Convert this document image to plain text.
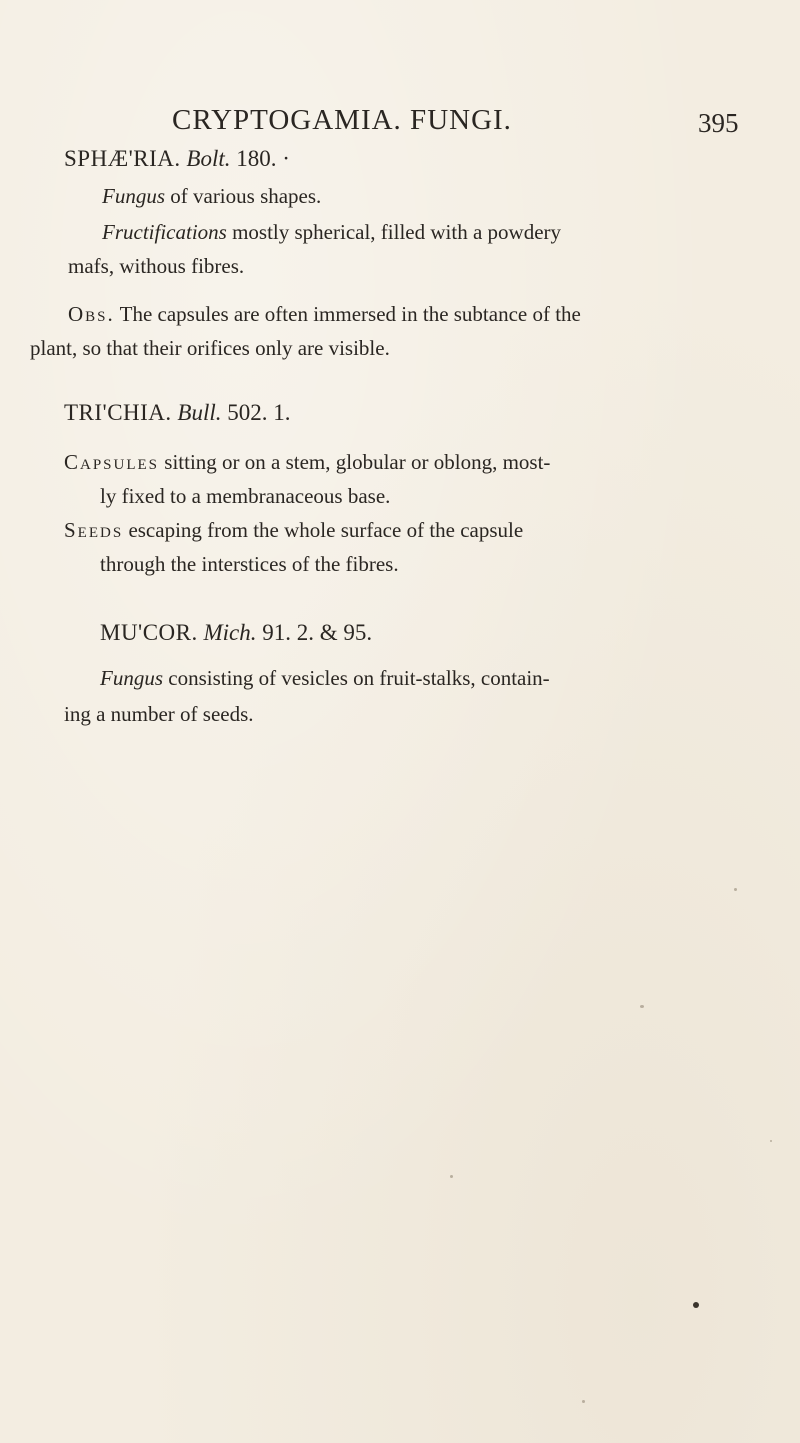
CRYPTOGAMIA. FUNGI.	395
SPHÆ'RIA. Bolt. 180. ·
Fungus of various shapes.
Fructifications mostly spherical, filled with a powdery
mafs, withous fibres.
Obs. The capsules are often immersed in the subtance of the
plant, so that their orifices only are visible.
TRI'CHIA. Bull. 502. 1.
Capsules sitting or on a stem, globular or oblong, most-
ly fixed to a membranaceous base.
Seeds escaping from the whole surface of the capsule
through the interstices of the fibres.
MU'COR. Mich. 91. 2. & 95.
Fungus consisting of vesicles on fruit-stalks, contain-
ing a number of seeds.
